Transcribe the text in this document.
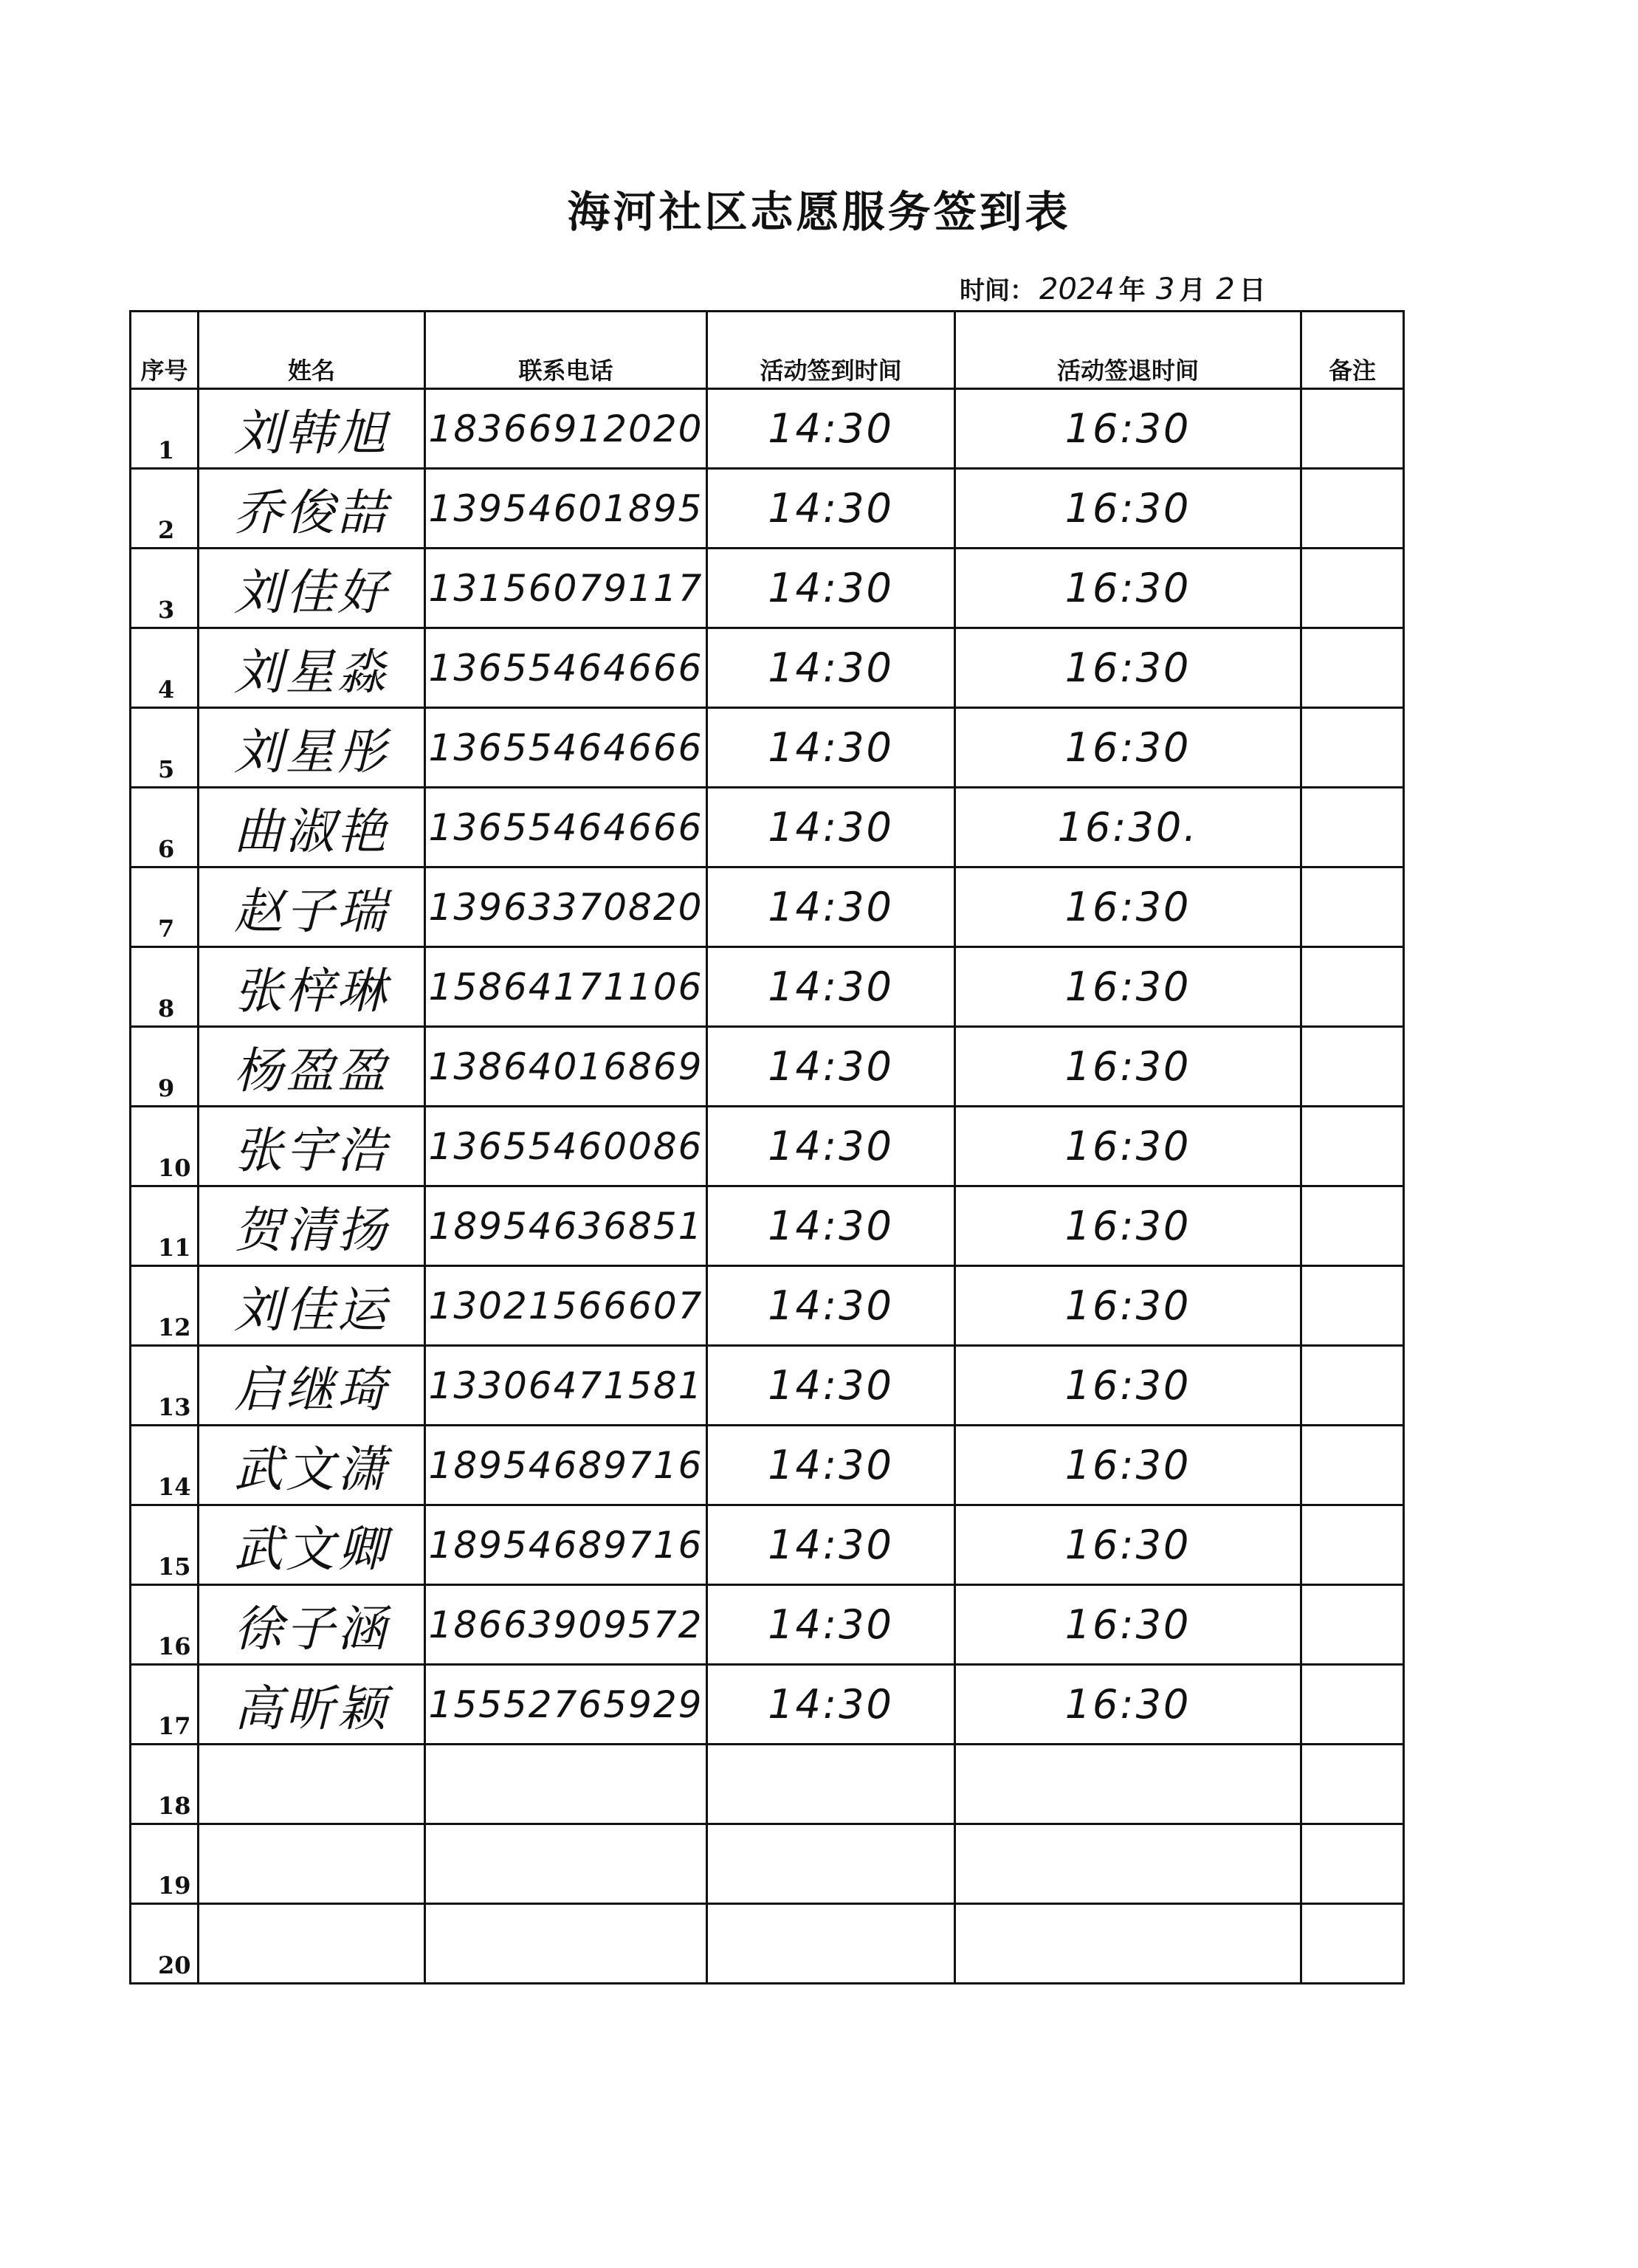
海河社区志愿服务签到表
时间： 2024 年 3 月 2 日
序号	姓名	联系电话	活动签到时间	活动签退时间	备注

1	刘韩旭	18366912020	14:30	16:30	

2	乔俊喆	13954601895	14:30	16:30	

3	刘佳好	13156079117	14:30	16:30	

4	刘星淼	13655464666	14:30	16:30	

5	刘星彤	13655464666	14:30	16:30	

6	曲淑艳	13655464666	14:30	16:30.	

7	赵子瑞	13963370820	14:30	16:30	

8	张梓琳	15864171106	14:30	16:30	

9	杨盈盈	13864016869	14:30	16:30	

10	张宇浩	13655460086	14:30	16:30	

11	贺清扬	18954636851	14:30	16:30	

12	刘佳运	13021566607	14:30	16:30	

13	启继琦	13306471581	14:30	16:30	

14	武文潇	18954689716	14:30	16:30	

15	武文卿	18954689716	14:30	16:30	

16	徐子涵	18663909572	14:30	16:30	

17	高昕颖	15552765929	14:30	16:30	

18					

19					

20					
